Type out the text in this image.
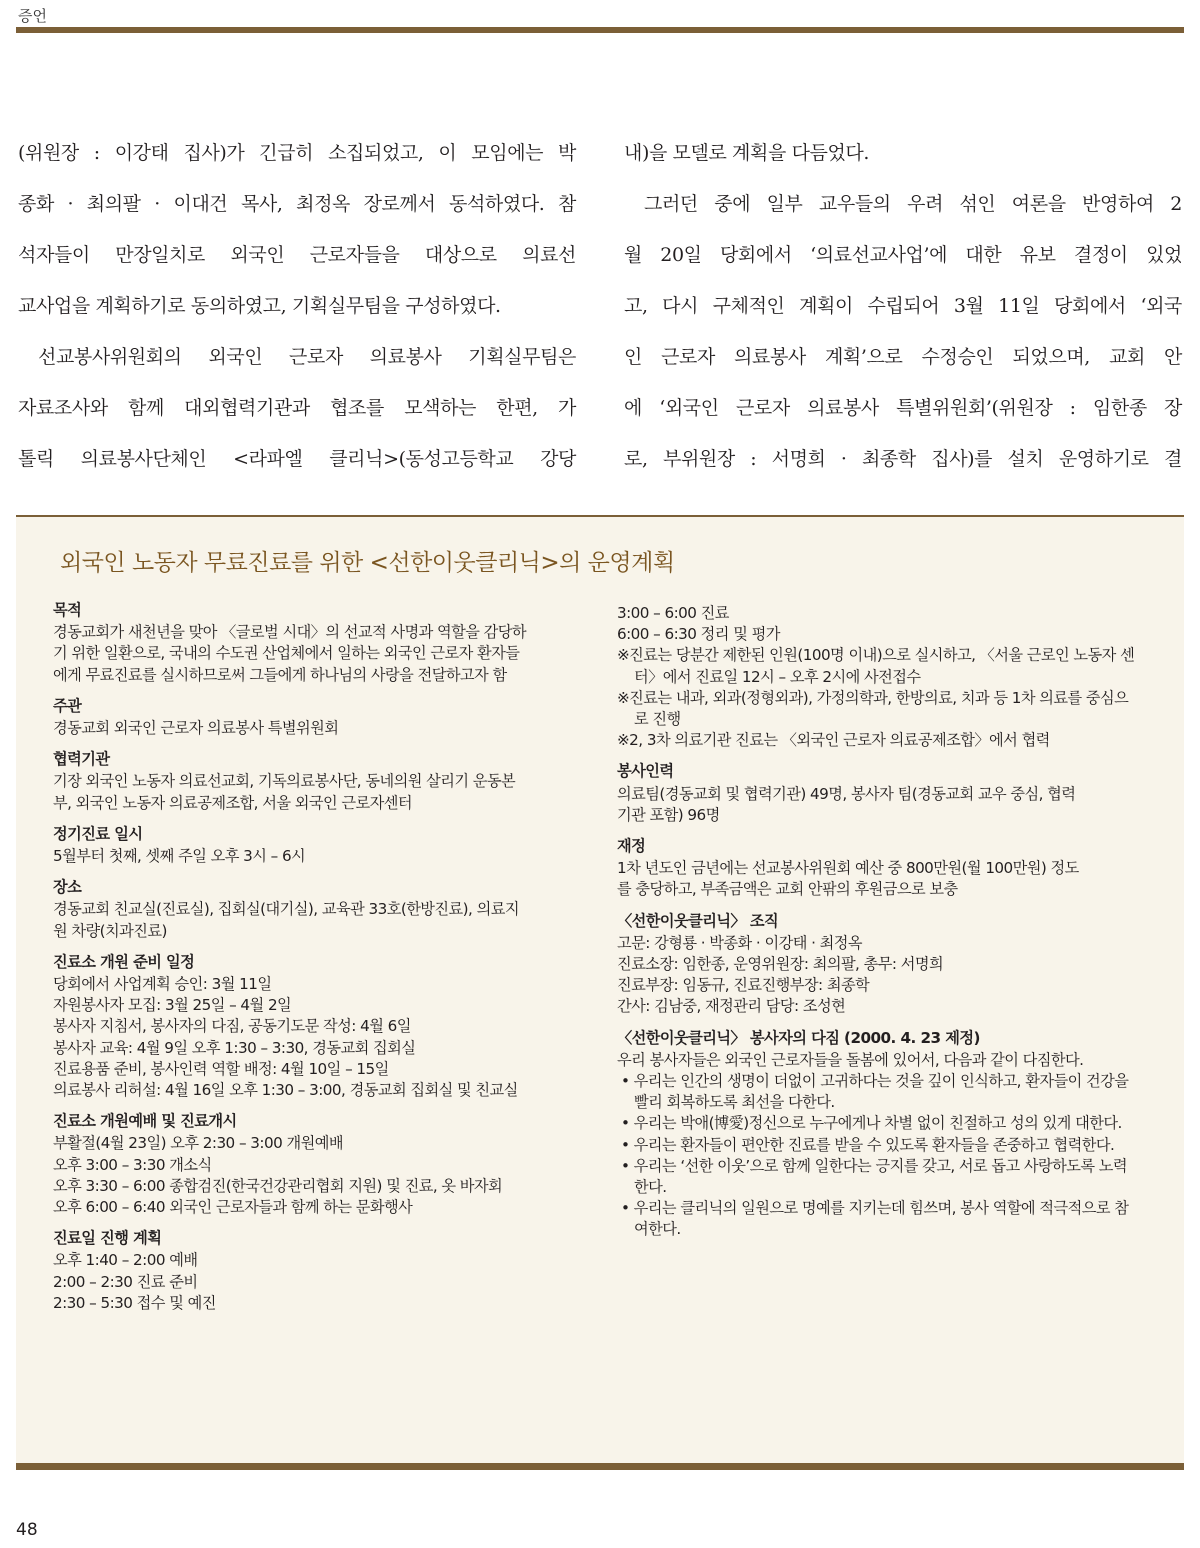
증언

(위원장 : 이강태 집사)가 긴급히 소집되었고, 이 모임에는 박

종화 · 최의팔 · 이대건 목사, 최정옥 장로께서 동석하였다. 참

석자들이 만장일치로 외국인 근로자들을 대상으로 의료선

교사업을 계획하기로 동의하였고, 기획실무팀을 구성하였다.

선교봉사위원회의 외국인 근로자 의료봉사 기획실무팀은

자료조사와 함께 대외협력기관과 협조를 모색하는 한편, 가

톨릭 의료봉사단체인 <라파엘 클리닉>(동성고등학교 강당

내)을 모델로 계획을 다듬었다.

그러던 중에 일부 교우들의 우려 섞인 여론을 반영하여 2

월 20일 당회에서 ‘의료선교사업’에 대한 유보 결정이 있었

고, 다시 구체적인 계획이 수립되어 3월 11일 당회에서 ‘외국

인 근로자 의료봉사 계획’으로 수정승인 되었으며, 교회 안

에 ‘외국인 근로자 의료봉사 특별위원회’(위원장 : 임한종 장

로, 부위원장 : 서명희 · 최종학 집사)를 설치 운영하기로 결

외국인 노동자 무료진료를 위한 <선한이웃클리닉>의 운영계획
목적
경동교회가 새천년을 맞아 〈글로벌 시대〉의 선교적 사명과 역할을 감당하
기 위한 일환으로, 국내의 수도권 산업체에서 일하는 외국인 근로자 환자들
에게 무료진료를 실시하므로써 그들에게 하나님의 사랑을 전달하고자 함
주관
경동교회 외국인 근로자 의료봉사 특별위원회
협력기관
기장 외국인 노동자 의료선교회, 기독의료봉사단, 동네의원 살리기 운동본
부, 외국인 노동자 의료공제조합, 서울 외국인 근로자센터
정기진료 일시
5월부터 첫째, 셋째 주일 오후 3시 – 6시
장소
경동교회 친교실(진료실), 집회실(대기실), 교육관 33호(한방진료), 의료지
원 차량(치과진료)
진료소 개원 준비 일정
당회에서 사업계획 승인: 3월 11일
자원봉사자 모집: 3월 25일 – 4월 2일
봉사자 지침서, 봉사자의 다짐, 공동기도문 작성: 4월 6일
봉사자 교육: 4월 9일 오후 1:30 – 3:30, 경동교회 집회실
진료용품 준비, 봉사인력 역할 배정: 4월 10일 – 15일
의료봉사 리허설: 4월 16일 오후 1:30 – 3:00, 경동교회 집회실 및 친교실
진료소 개원예배 및 진료개시
부활절(4월 23일) 오후 2:30 – 3:00 개원예배
오후 3:00 – 3:30 개소식
오후 3:30 – 6:00 종합검진(한국건강관리협회 지원) 및 진료, 옷 바자회
오후 6:00 – 6:40 외국인 근로자들과 함께 하는 문화행사
진료일 진행 계획
오후 1:40 – 2:00 예배
2:00 – 2:30 진료 준비
2:30 – 5:30 접수 및 예진
3:00 – 6:00 진료
6:00 – 6:30 정리 및 평가
※진료는 당분간 제한된 인원(100명 이내)으로 실시하고, 〈서울 근로인 노동자 센터〉에서 진료일 12시 – 오후 2시에 사전접수
※진료는 내과, 외과(정형외과), 가정의학과, 한방의료, 치과 등 1차 의료를 중심으로 진행
※2, 3차 의료기관 진료는 〈외국인 근로자 의료공제조합〉에서 협력
봉사인력
의료팀(경동교회 및 협력기관) 49명, 봉사자 팀(경동교회 교우 중심, 협력
기관 포함) 96명
재정
1차 년도인 금년에는 선교봉사위원회 예산 중 800만원(월 100만원) 정도
를 충당하고, 부족금액은 교회 안팎의 후원금으로 보충
〈선한이웃클리닉〉 조직
고문: 강형룡 · 박종화 · 이강태 · 최정옥
진료소장: 임한종, 운영위원장: 최의팔, 총무: 서명희
진료부장: 임동규, 진료진행부장: 최종학
간사: 김남중, 재정관리 담당: 조성현
〈선한이웃클리닉〉 봉사자의 다짐 (2000. 4. 23 제정)
우리 봉사자들은 외국인 근로자들을 돌봄에 있어서, 다음과 같이 다짐한다.
• 우리는 인간의 생명이 더없이 고귀하다는 것을 깊이 인식하고, 환자들이 건강을 빨리 회복하도록 최선을 다한다.
• 우리는 박애(博愛)정신으로 누구에게나 차별 없이 친절하고 성의 있게 대한다.
• 우리는 환자들이 편안한 진료를 받을 수 있도록 환자들을 존중하고 협력한다.
• 우리는 ‘선한 이웃’으로 함께 일한다는 긍지를 갖고, 서로 돕고 사랑하도록 노력한다.
• 우리는 클리닉의 일원으로 명예를 지키는데 힘쓰며, 봉사 역할에 적극적으로 참여한다.
48
